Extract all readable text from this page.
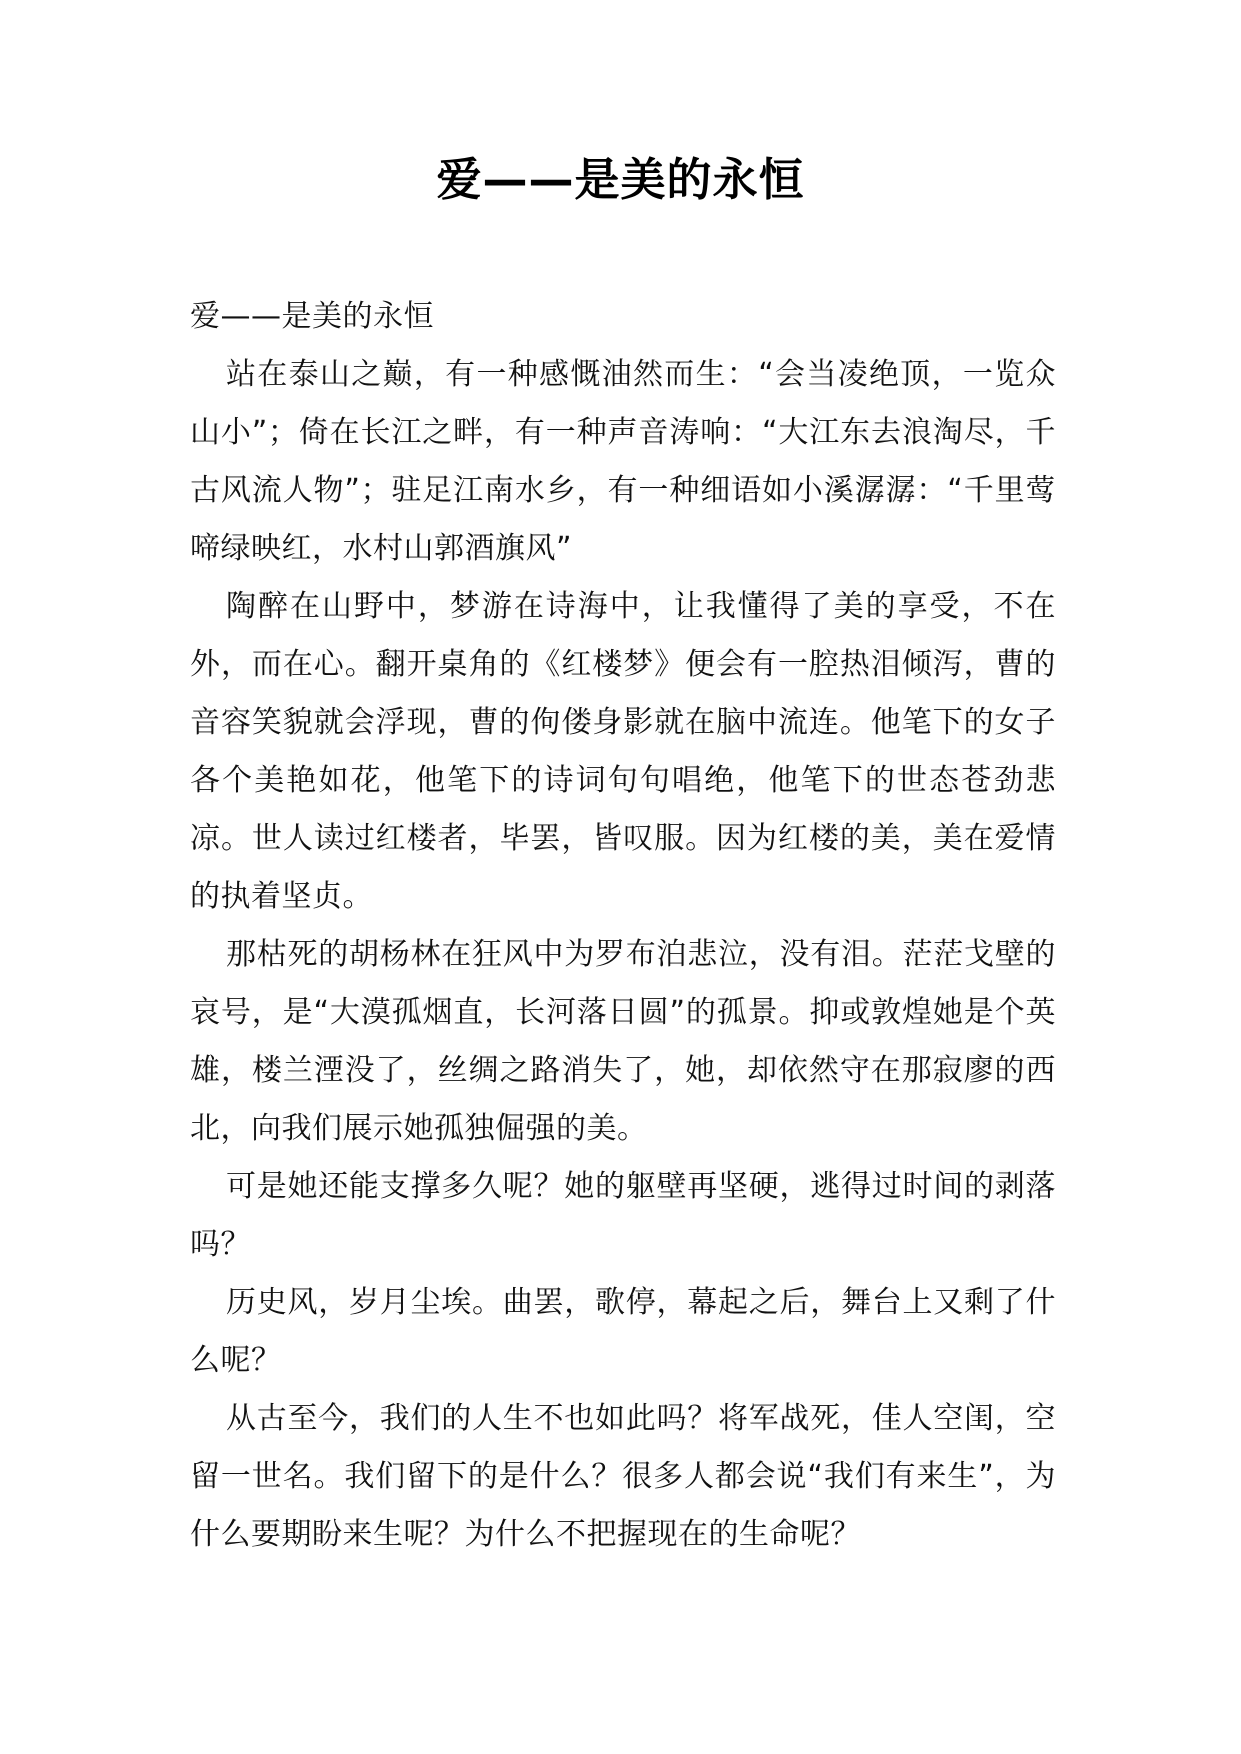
爱——是美的永恒

爱——是美的永恒

站在泰山之巅，有一种感慨油然而生：“会当凌绝顶，一览众山小”；倚在长江之畔，有一种声音涛响：“大江东去浪淘尽，千古风流人物”；驻足江南水乡，有一种细语如小溪潺潺：“千里莺啼绿映红，水村山郭酒旗风”

陶醉在山野中，梦游在诗海中，让我懂得了美的享受，不在外，而在心。翻开桌角的《红楼梦》便会有一腔热泪倾泻，曹的音容笑貌就会浮现，曹的佝偻身影就在脑中流连。他笔下的女子各个美艳如花，他笔下的诗词句句唱绝，他笔下的世态苍劲悲凉。世人读过红楼者，毕罢，皆叹服。因为红楼的美，美在爱情的执着坚贞。

那枯死的胡杨林在狂风中为罗布泊悲泣，没有泪。茫茫戈壁的哀号，是“大漠孤烟直，长河落日圆”的孤景。抑或敦煌她是个英雄，楼兰湮没了，丝绸之路消失了，她，却依然守在那寂廖的西北，向我们展示她孤独倔强的美。

可是她还能支撑多久呢？她的躯壁再坚硬，逃得过时间的剥落吗？

历史风，岁月尘埃。曲罢，歌停，幕起之后，舞台上又剩了什么呢？

从古至今，我们的人生不也如此吗？将军战死，佳人空闺，空留一世名。我们留下的是什么？很多人都会说“我们有来生”，为什么要期盼来生呢？为什么不把握现在的生命呢？
